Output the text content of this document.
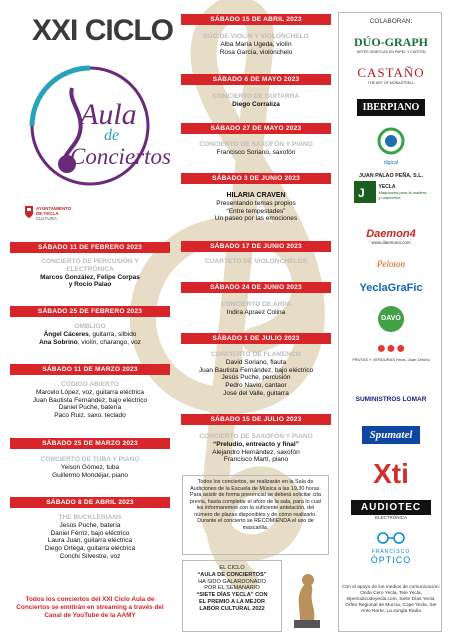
XXI CICLO
Aula
de
Conciertos
AYUNTAMIENTO
DE YECLA
CULTURA
SÁBADO 11 DE FEBRERO 2023
CONCIERTO DE PERCUSIÓN Y ELECTRÓNICA
Marcos González, Felipe Corpas
y Rocío Palao
SÁBADO 25 DE FEBRERO 2023
OMBLIGO
Ángel Cáceres, guitarra, silbido
Ana Sobrino, violín, charango, voz
SÁBADO 11 DE MARZO 2023
CÓDIGO ABIERTO
Marcelo López, voz, guitarra eléctrica
Juan Bautista Fernández, bajo eléctrico
Daniel Puche, batería
Paco Ruiz, saxo, teclado
SÁBADO 25 DE MARZO 2023
CONCIERTO DE TUBA Y PIANO
Yeison Gómez, tuba
Guillermo Mondéjar, piano
SÁBADO 8 DE ABRIL 2023
THE BUCKLERIANS
Jesús Puche, batería
Daniel Férriz, bajo eléctrico
Laura Juan, guitarra eléctrica
Diego Ortega, guitarra eléctrica
Conchi Silvestre, voz
SÁBADO 15 DE ABRIL 2023
DÚO DE VIOLÍN Y VIOLONCHELO
Alba María Ugeda, violín
Rosa García, violonchelo
SÁBADO 6 DE MAYO 2023
CONCIERTO DE GUITARRA
Diego Corraliza
SÁBADO 27 DE MAYO 2023
CONCIERTO DE SAXOFÓN Y PIANO
Francisco Soriano, saxofón
SÁBADO 3 DE JUNIO 2023
HILARIA CRAVEN
Presentando temas propios
“Entre tempestades”
Un paseo por las emociones
SÁBADO 17 DE JUNIO 2023
CUARTETO DE VIOLONCHELOS
SÁBADO 24 DE JUNIO 2023
CONCIERTO DE ARPA
Indira Apraez Colina
SÁBADO 1 DE JULIO 2023
CONCIERTO DE FLAMENCO
David Soriano, flauta
Juan Bautista Fernández, bajo eléctrico
Jesús Puche, percusión
Pedro Navío, cantaor
José del Valle, guitarra
SÁBADO 15 DE JULIO 2023
CONCIERTO DE SAXOFÓN Y PIANO
“Preludio, entreacto y final”
Alejandro Hernández, saxofón
Francisco Martí, piano
Todos los conciertos, se realizarán en la Sala de Audiciones de la Escuela de Música a las 19,30 horas. Para asistir de forma presencial se deberá solicitar cita previa, hasta completar el aforo de la sala, para lo cual les informaremos con la suficiente antelación, del número de plazas disponibles y de cómo realizarlo. Durante el concierto se RECOMIENDA el uso de mascarilla.
EL CICLO
“AULA DE CONCIERTOS”
HA SIDO GALARDONADO
POR EL SEMANARIO
“SIETE DÍAS YECLA” CON
EL PREMIO A LA MEJOR
LABOR CULTURAL 2022
Todos los conciertos del XXI Ciclo Aula de Conciertos se emitirán en streaming a través del Canal de YouTube de la AAMY
COLABORAN:
DÚO-GRAPH
ARTES GRÁFICAS EN PAPEL Y CARTÓN
CASTAÑO
THE ART OF MONASTRELL
IBERPIANO
digical
JUAN PALAO PEÑA, S.L.
J	YECLA
Maquinaria para la madera y carpintería
Daemon4
www.daemon4.com
Peloton
YeclaGraFic
DAVÓ
●●●
FRUTAS Y VERDURAS Hnos. Juan Ortuño
SUMINISTROS LOMAR
Spumatel
Xti
AUDIOTEC
ELECTRÓNICA
FRANCISCO
ÓPTICO
Con el apoyo de los medios de comunicación: Onda Cero Yecla, Tele Yecla, elperiodicodeyecla.com, Siete Días Yecla, Orfeo Regional de Murcia, Cope Yecla, Ser Anto Norte, La Jungla Radio
